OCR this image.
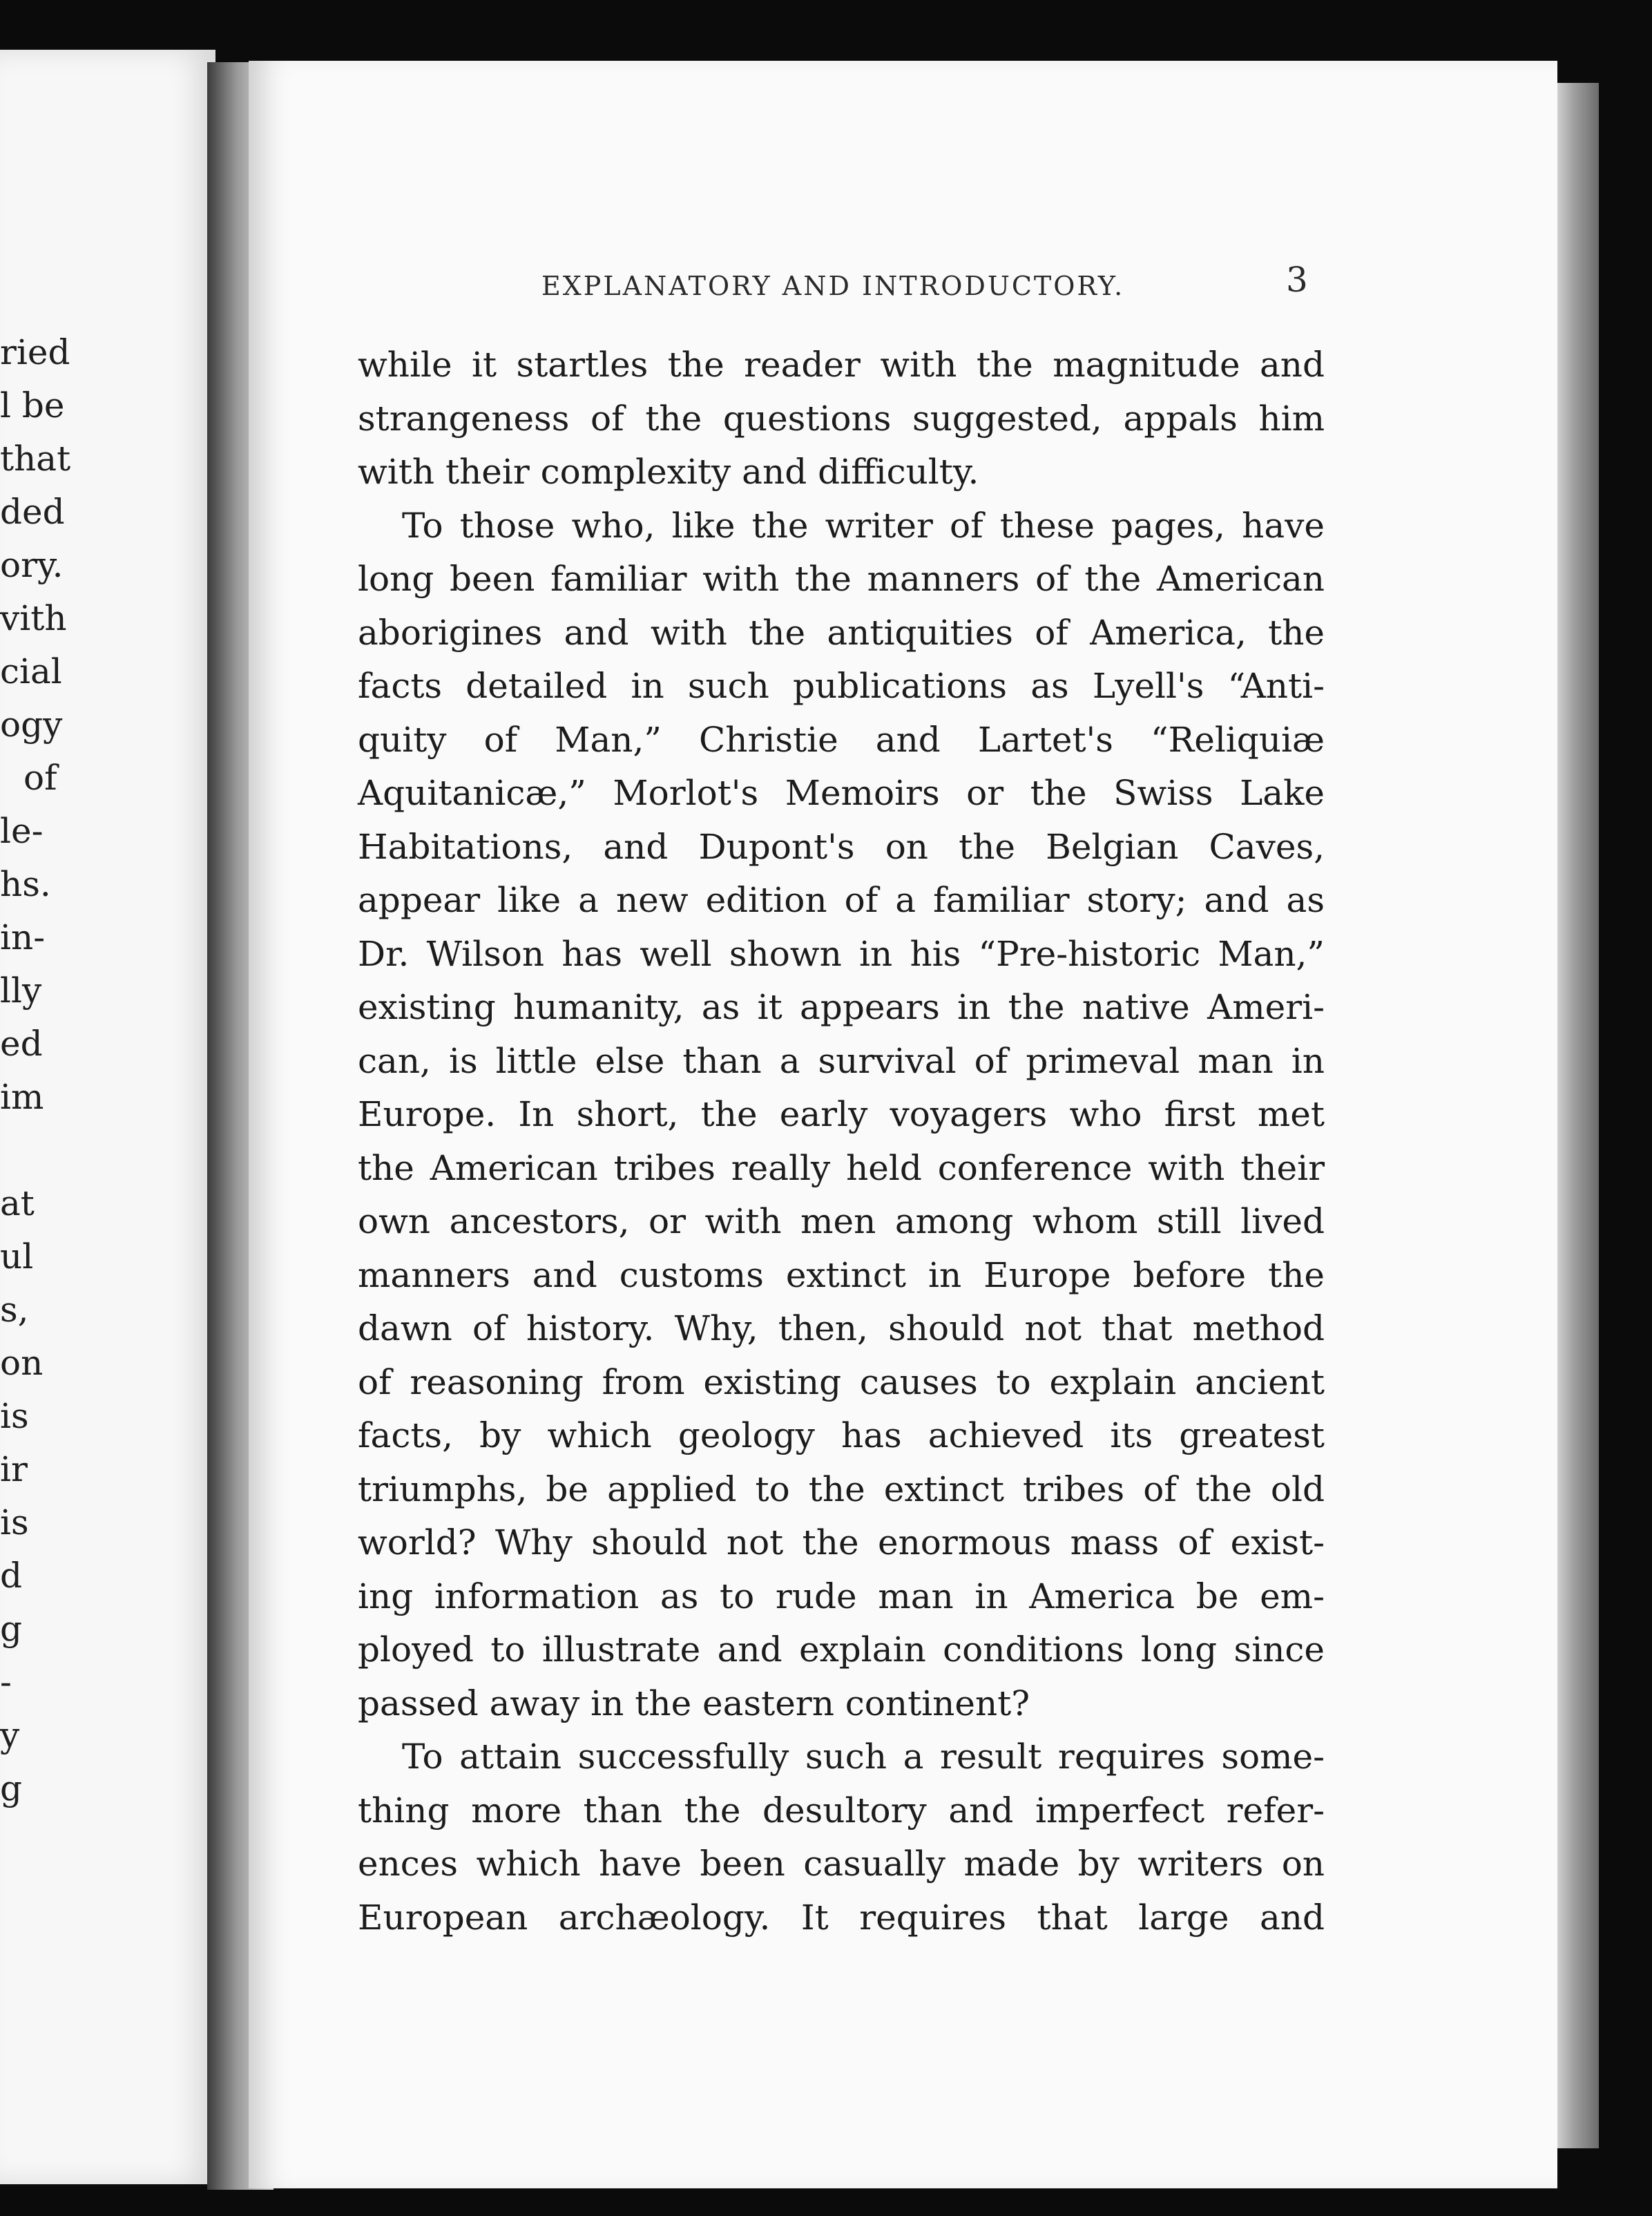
ried
l be
that
ded
ory.
vith
cial
ogy
of
le-
hs.
in-
lly
ed
im
at
ul
s,
on
is
ir
is
d
g
-
y
g
EXPLANATORY AND INTRODUCTORY.	3
while it startles the reader with the magnitude and
strangeness of the questions suggested, appals him
with their complexity and difficulty.
To those who, like the writer of these pages, have
long been familiar with the manners of the American
aborigines and with the antiquities of America, the
facts detailed in such publications as Lyell's “Anti-
quity of Man,” Christie and Lartet's “Reliquiæ
Aquitanicæ,” Morlot's Memoirs or the Swiss Lake
Habitations, and Dupont's on the Belgian Caves,
appear like a new edition of a familiar story; and as
Dr. Wilson has well shown in his “Pre-historic Man,”
existing humanity, as it appears in the native Ameri-
can, is little else than a survival of primeval man in
Europe. In short, the early voyagers who first met
the American tribes really held conference with their
own ancestors, or with men among whom still lived
manners and customs extinct in Europe before the
dawn of history. Why, then, should not that method
of reasoning from existing causes to explain ancient
facts, by which geology has achieved its greatest
triumphs, be applied to the extinct tribes of the old
world? Why should not the enormous mass of exist-
ing information as to rude man in America be em-
ployed to illustrate and explain conditions long since
passed away in the eastern continent?
To attain successfully such a result requires some-
thing more than the desultory and imperfect refer-
ences which have been casually made by writers on
European archæology. It requires that large and
